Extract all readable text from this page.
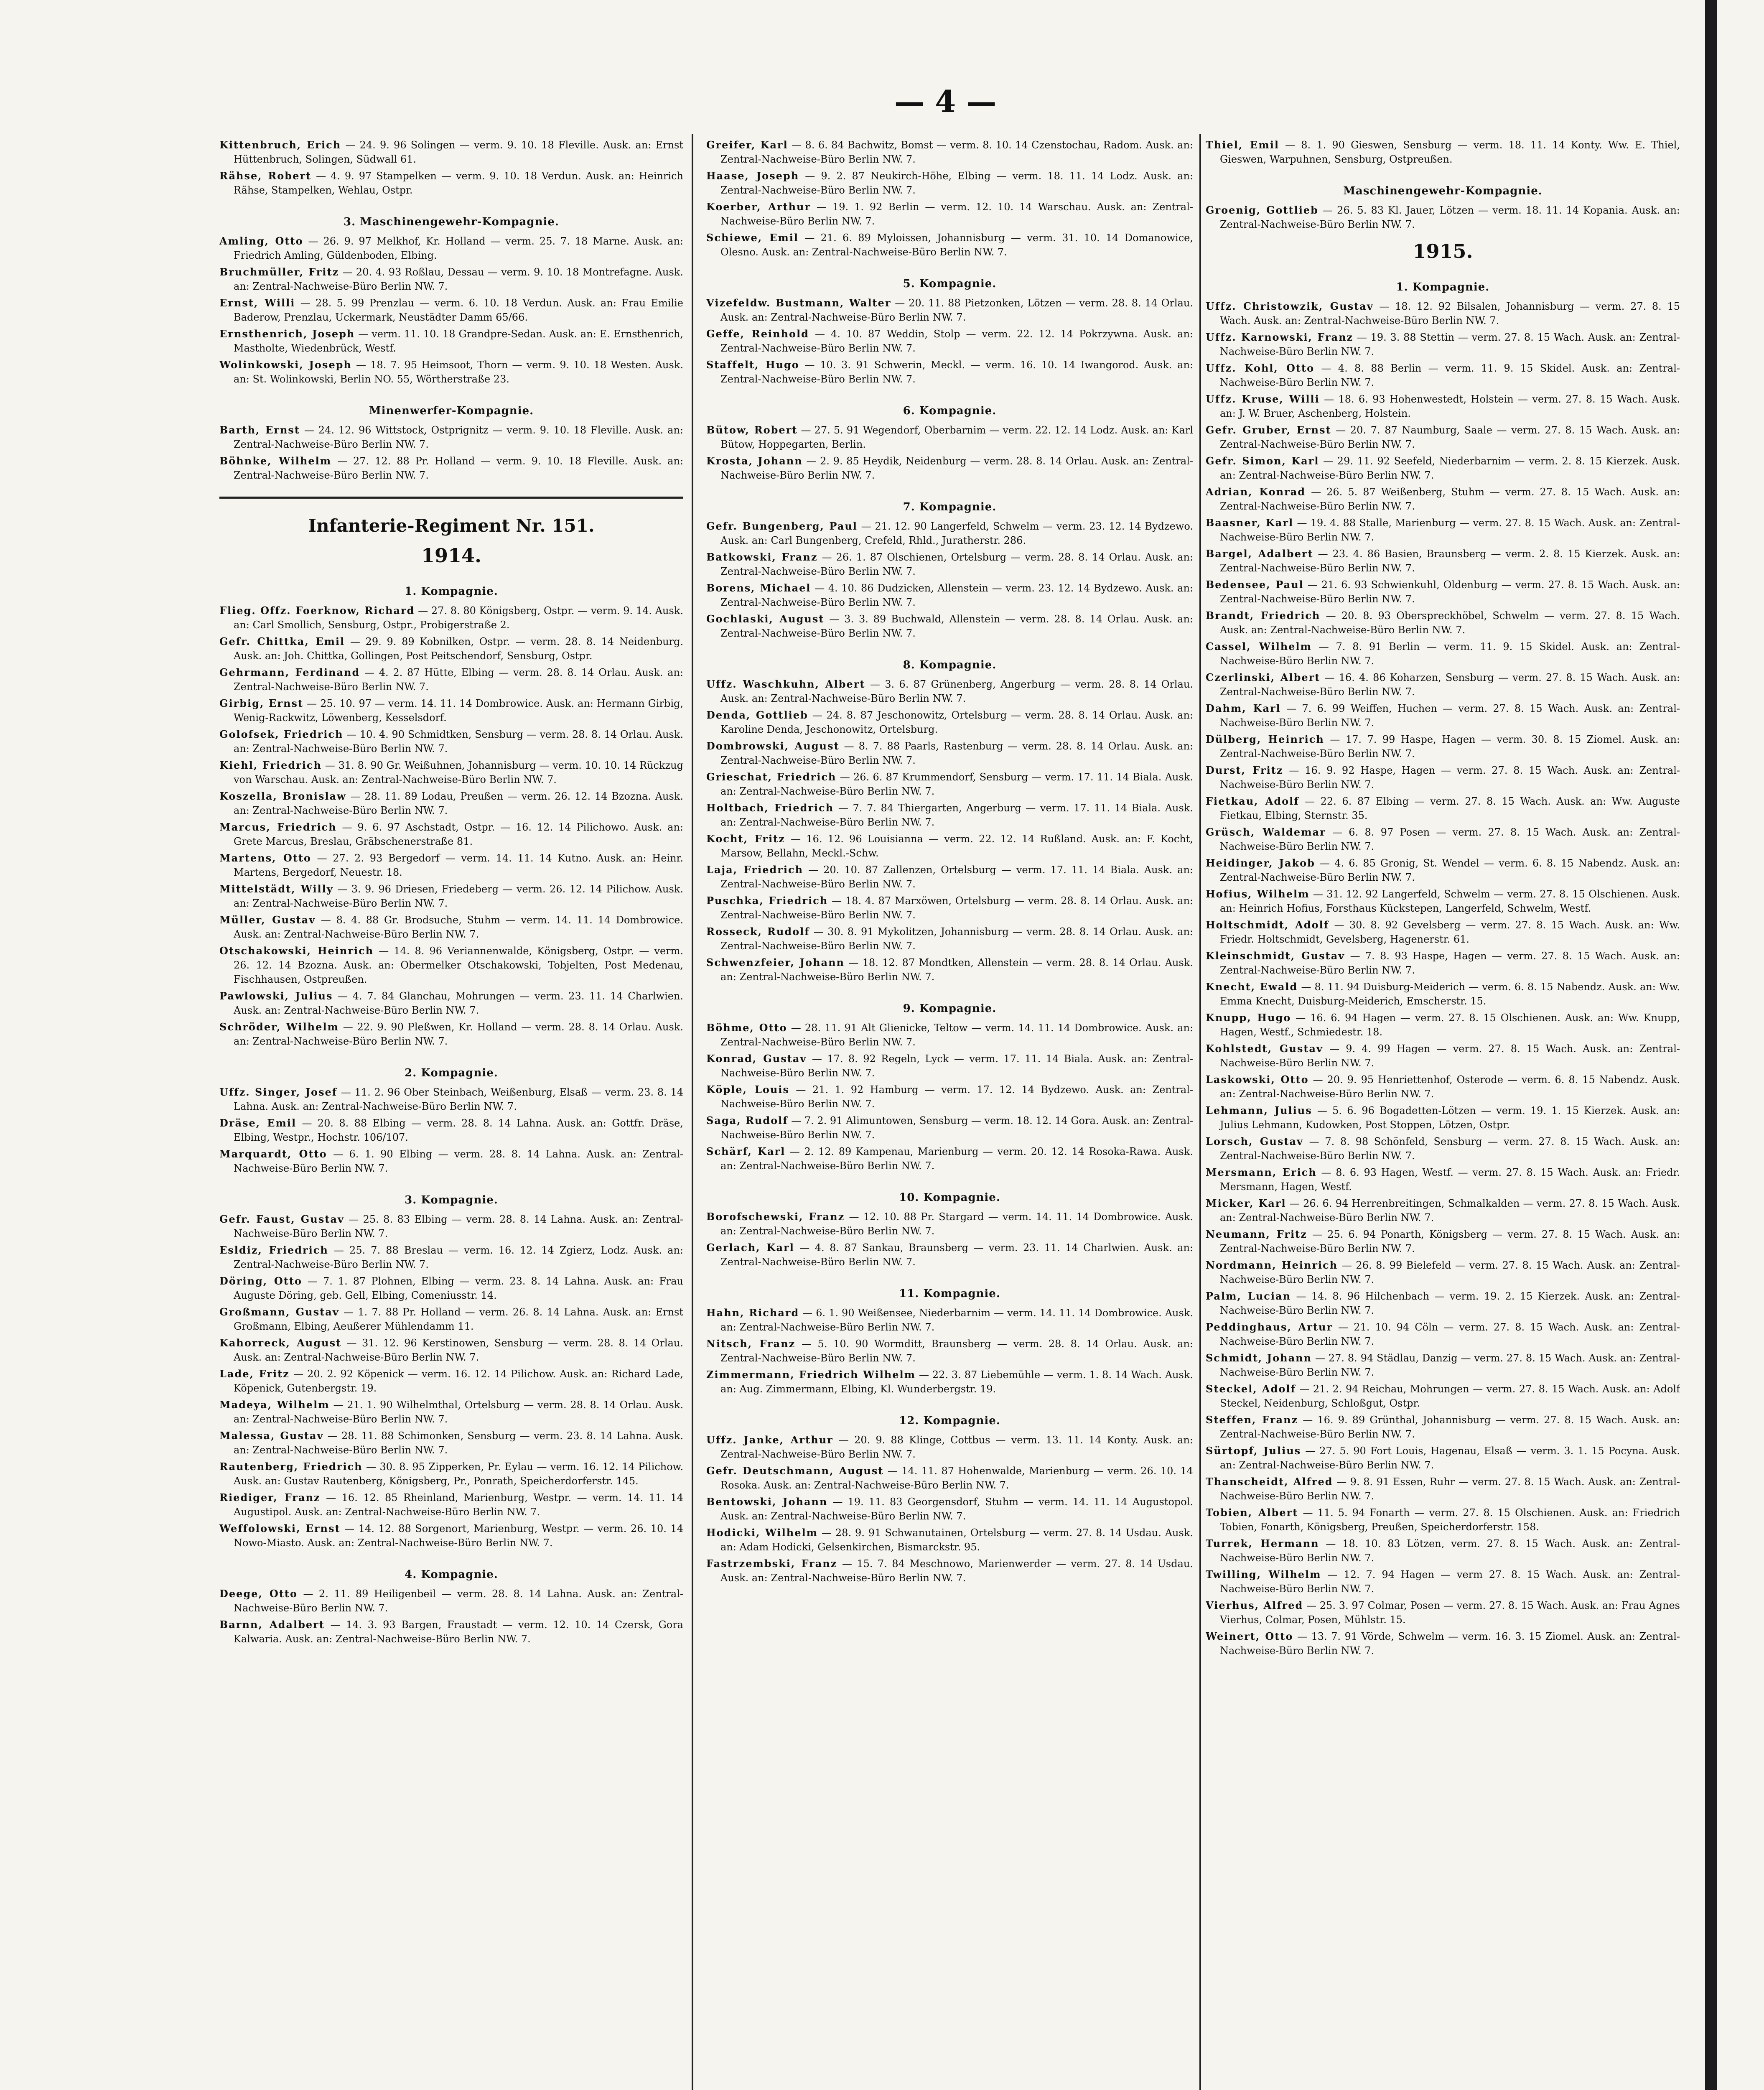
— 4 —

Kittenbruch, Erich — 24. 9. 96 Solingen — verm. 9. 10. 18 Fleville. Ausk. an: Ernst Hüttenbruch, Solingen, Südwall 61.

Rähse, Robert — 4. 9. 97 Stampelken — verm. 9. 10. 18 Verdun. Ausk. an: Heinrich Rähse, Stampelken, Wehlau, Ostpr.

3. Maschinengewehr-Kompagnie.

Amling, Otto — 26. 9. 97 Melkhof, Kr. Holland — verm. 25. 7. 18 Marne. Ausk. an: Friedrich Amling, Güldenboden, Elbing.

Bruchmüller, Fritz — 20. 4. 93 Roßlau, Dessau — verm. 9. 10. 18 Montrefagne. Ausk. an: Zentral-Nachweise-Büro Berlin NW. 7.

Ernst, Willi — 28. 5. 99 Prenzlau — verm. 6. 10. 18 Verdun. Ausk. an: Frau Emilie Baderow, Prenzlau, Uckermark, Neustädter Damm 65/66.

Ernsthenrich, Joseph — verm. 11. 10. 18 Grandpre-Sedan. Ausk. an: E. Ernsthenrich, Mastholte, Wiedenbrück, Westf.

Wolinkowski, Joseph — 18. 7. 95 Heimsoot, Thorn — verm. 9. 10. 18 Westen. Ausk. an: St. Wolinkowski, Berlin NO. 55, Wörtherstraße 23.

Minenwerfer-Kompagnie.

Barth, Ernst — 24. 12. 96 Wittstock, Ostprignitz — verm. 9. 10. 18 Fleville. Ausk. an: Zentral-Nachweise-Büro Berlin NW. 7.

Böhnke, Wilhelm — 27. 12. 88 Pr. Holland — verm. 9. 10. 18 Fleville. Ausk. an: Zentral-Nachweise-Büro Berlin NW. 7.

Infanterie-Regiment Nr. 151.
1914.
1. Kompagnie.

Flieg. Offz. Foerknow, Richard — 27. 8. 80 Königsberg, Ostpr. — verm. 9. 14. Ausk. an: Carl Smollich, Sensburg, Ostpr., Probigerstraße 2.

Gefr. Chittka, Emil — 29. 9. 89 Kobnilken, Ostpr. — verm. 28. 8. 14 Neidenburg. Ausk. an: Joh. Chittka, Gollingen, Post Peitschendorf, Sensburg, Ostpr.

Gehrmann, Ferdinand — 4. 2. 87 Hütte, Elbing — verm. 28. 8. 14 Orlau. Ausk. an: Zentral-Nachweise-Büro Berlin NW. 7.

Girbig, Ernst — 25. 10. 97 — verm. 14. 11. 14 Dombrowice. Ausk. an: Hermann Girbig, Wenig-Rackwitz, Löwenberg, Kesselsdorf.

Golofsek, Friedrich — 10. 4. 90 Schmidtken, Sensburg — verm. 28. 8. 14 Orlau. Ausk. an: Zentral-Nachweise-Büro Berlin NW. 7.

Kiehl, Friedrich — 31. 8. 90 Gr. Weißuhnen, Johannisburg — verm. 10. 10. 14 Rückzug von Warschau. Ausk. an: Zentral-Nachweise-Büro Berlin NW. 7.

Koszella, Bronislaw — 28. 11. 89 Lodau, Preußen — verm. 26. 12. 14 Bzozna. Ausk. an: Zentral-Nachweise-Büro Berlin NW. 7.

Marcus, Friedrich — 9. 6. 97 Aschstadt, Ostpr. — 16. 12. 14 Pilichowo. Ausk. an: Grete Marcus, Breslau, Gräbschenerstraße 81.

Martens, Otto — 27. 2. 93 Bergedorf — verm. 14. 11. 14 Kutno. Ausk. an: Heinr. Martens, Bergedorf, Neuestr. 18.

Mittelstädt, Willy — 3. 9. 96 Driesen, Friedeberg — verm. 26. 12. 14 Pilichow. Ausk. an: Zentral-Nachweise-Büro Berlin NW. 7.

Müller, Gustav — 8. 4. 88 Gr. Brodsuche, Stuhm — verm. 14. 11. 14 Dombrowice. Ausk. an: Zentral-Nachweise-Büro Berlin NW. 7.

Otschakowski, Heinrich — 14. 8. 96 Veriannenwalde, Königsberg, Ostpr. — verm. 26. 12. 14 Bzozna. Ausk. an: Obermelker Otschakowski, Tobjelten, Post Medenau, Fischhausen, Ostpreußen.

Pawlowski, Julius — 4. 7. 84 Glanchau, Mohrungen — verm. 23. 11. 14 Charlwien. Ausk. an: Zentral-Nachweise-Büro Berlin NW. 7.

Schröder, Wilhelm — 22. 9. 90 Pleßwen, Kr. Holland — verm. 28. 8. 14 Orlau. Ausk. an: Zentral-Nachweise-Büro Berlin NW. 7.

2. Kompagnie.

Uffz. Singer, Josef — 11. 2. 96 Ober Steinbach, Weißenburg, Elsaß — verm. 23. 8. 14 Lahna. Ausk. an: Zentral-Nachweise-Büro Berlin NW. 7.

Dräse, Emil — 20. 8. 88 Elbing — verm. 28. 8. 14 Lahna. Ausk. an: Gottfr. Dräse, Elbing, Westpr., Hochstr. 106/107.

Marquardt, Otto — 6. 1. 90 Elbing — verm. 28. 8. 14 Lahna. Ausk. an: Zentral-Nachweise-Büro Berlin NW. 7.

3. Kompagnie.

Gefr. Faust, Gustav — 25. 8. 83 Elbing — verm. 28. 8. 14 Lahna. Ausk. an: Zentral-Nachweise-Büro Berlin NW. 7.

Esldiz, Friedrich — 25. 7. 88 Breslau — verm. 16. 12. 14 Zgierz, Lodz. Ausk. an: Zentral-Nachweise-Büro Berlin NW. 7.

Döring, Otto — 7. 1. 87 Plohnen, Elbing — verm. 23. 8. 14 Lahna. Ausk. an: Frau Auguste Döring, geb. Gell, Elbing, Comeniusstr. 14.

Großmann, Gustav — 1. 7. 88 Pr. Holland — verm. 26. 8. 14 Lahna. Ausk. an: Ernst Großmann, Elbing, Aeußerer Mühlendamm 11.

Kahorreck, August — 31. 12. 96 Kerstinowen, Sensburg — verm. 28. 8. 14 Orlau. Ausk. an: Zentral-Nachweise-Büro Berlin NW. 7.

Lade, Fritz — 20. 2. 92 Köpenick — verm. 16. 12. 14 Pilichow. Ausk. an: Richard Lade, Köpenick, Gutenbergstr. 19.

Madeya, Wilhelm — 21. 1. 90 Wilhelmthal, Ortelsburg — verm. 28. 8. 14 Orlau. Ausk. an: Zentral-Nachweise-Büro Berlin NW. 7.

Malessa, Gustav — 28. 11. 88 Schimonken, Sensburg — verm. 23. 8. 14 Lahna. Ausk. an: Zentral-Nachweise-Büro Berlin NW. 7.

Rautenberg, Friedrich — 30. 8. 95 Zipperken, Pr. Eylau — verm. 16. 12. 14 Pilichow. Ausk. an: Gustav Rautenberg, Königsberg, Pr., Ponrath, Speicherdorferstr. 145.

Riediger, Franz — 16. 12. 85 Rheinland, Marienburg, Westpr. — verm. 14. 11. 14 Augustipol. Ausk. an: Zentral-Nachweise-Büro Berlin NW. 7.

Weffolowski, Ernst — 14. 12. 88 Sorgenort, Marienburg, Westpr. — verm. 26. 10. 14 Nowo-Miasto. Ausk. an: Zentral-Nachweise-Büro Berlin NW. 7.

4. Kompagnie.

Deege, Otto — 2. 11. 89 Heiligenbeil — verm. 28. 8. 14 Lahna. Ausk. an: Zentral-Nachweise-Büro Berlin NW. 7.

Barnn, Adalbert — 14. 3. 93 Bargen, Fraustadt — verm. 12. 10. 14 Czersk, Gora Kalwaria. Ausk. an: Zentral-Nachweise-Büro Berlin NW. 7.

Greifer, Karl — 8. 6. 84 Bachwitz, Bomst — verm. 8. 10. 14 Czenstochau, Radom. Ausk. an: Zentral-Nachweise-Büro Berlin NW. 7.

Haase, Joseph — 9. 2. 87 Neukirch-Höhe, Elbing — verm. 18. 11. 14 Lodz. Ausk. an: Zentral-Nachweise-Büro Berlin NW. 7.

Koerber, Arthur — 19. 1. 92 Berlin — verm. 12. 10. 14 Warschau. Ausk. an: Zentral-Nachweise-Büro Berlin NW. 7.

Schiewe, Emil — 21. 6. 89 Myloissen, Johannisburg — verm. 31. 10. 14 Domanowice, Olesno. Ausk. an: Zentral-Nachweise-Büro Berlin NW. 7.

5. Kompagnie.

Vizefeldw. Bustmann, Walter — 20. 11. 88 Pietzonken, Lötzen — verm. 28. 8. 14 Orlau. Ausk. an: Zentral-Nachweise-Büro Berlin NW. 7.

Geffe, Reinhold — 4. 10. 87 Weddin, Stolp — verm. 22. 12. 14 Pokrzywna. Ausk. an: Zentral-Nachweise-Büro Berlin NW. 7.

Staffelt, Hugo — 10. 3. 91 Schwerin, Meckl. — verm. 16. 10. 14 Iwangorod. Ausk. an: Zentral-Nachweise-Büro Berlin NW. 7.

6. Kompagnie.

Bütow, Robert — 27. 5. 91 Wegendorf, Oberbarnim — verm. 22. 12. 14 Lodz. Ausk. an: Karl Bütow, Hoppegarten, Berlin.

Krosta, Johann — 2. 9. 85 Heydik, Neidenburg — verm. 28. 8. 14 Orlau. Ausk. an: Zentral-Nachweise-Büro Berlin NW. 7.

7. Kompagnie.

Gefr. Bungenberg, Paul — 21. 12. 90 Langerfeld, Schwelm — verm. 23. 12. 14 Bydzewo. Ausk. an: Carl Bungenberg, Crefeld, Rhld., Juratherstr. 286.

Batkowski, Franz — 26. 1. 87 Olschienen, Ortelsburg — verm. 28. 8. 14 Orlau. Ausk. an: Zentral-Nachweise-Büro Berlin NW. 7.

Borens, Michael — 4. 10. 86 Dudzicken, Allenstein — verm. 23. 12. 14 Bydzewo. Ausk. an: Zentral-Nachweise-Büro Berlin NW. 7.

Gochlaski, August — 3. 3. 89 Buchwald, Allenstein — verm. 28. 8. 14 Orlau. Ausk. an: Zentral-Nachweise-Büro Berlin NW. 7.

8. Kompagnie.

Uffz. Waschkuhn, Albert — 3. 6. 87 Grünenberg, Angerburg — verm. 28. 8. 14 Orlau. Ausk. an: Zentral-Nachweise-Büro Berlin NW. 7.

Denda, Gottlieb — 24. 8. 87 Jeschonowitz, Ortelsburg — verm. 28. 8. 14 Orlau. Ausk. an: Karoline Denda, Jeschonowitz, Ortelsburg.

Dombrowski, August — 8. 7. 88 Paarls, Rastenburg — verm. 28. 8. 14 Orlau. Ausk. an: Zentral-Nachweise-Büro Berlin NW. 7.

Grieschat, Friedrich — 26. 6. 87 Krummendorf, Sensburg — verm. 17. 11. 14 Biala. Ausk. an: Zentral-Nachweise-Büro Berlin NW. 7.

Holtbach, Friedrich — 7. 7. 84 Thiergarten, Angerburg — verm. 17. 11. 14 Biala. Ausk. an: Zentral-Nachweise-Büro Berlin NW. 7.

Kocht, Fritz — 16. 12. 96 Louisianna — verm. 22. 12. 14 Rußland. Ausk. an: F. Kocht, Marsow, Bellahn, Meckl.-Schw.

Laja, Friedrich — 20. 10. 87 Zallenzen, Ortelsburg — verm. 17. 11. 14 Biala. Ausk. an: Zentral-Nachweise-Büro Berlin NW. 7.

Puschka, Friedrich — 18. 4. 87 Marxöwen, Ortelsburg — verm. 28. 8. 14 Orlau. Ausk. an: Zentral-Nachweise-Büro Berlin NW. 7.

Rosseck, Rudolf — 30. 8. 91 Mykolitzen, Johannisburg — verm. 28. 8. 14 Orlau. Ausk. an: Zentral-Nachweise-Büro Berlin NW. 7.

Schwenzfeier, Johann — 18. 12. 87 Mondtken, Allenstein — verm. 28. 8. 14 Orlau. Ausk. an: Zentral-Nachweise-Büro Berlin NW. 7.

9. Kompagnie.

Böhme, Otto — 28. 11. 91 Alt Glienicke, Teltow — verm. 14. 11. 14 Dombrowice. Ausk. an: Zentral-Nachweise-Büro Berlin NW. 7.

Konrad, Gustav — 17. 8. 92 Regeln, Lyck — verm. 17. 11. 14 Biala. Ausk. an: Zentral-Nachweise-Büro Berlin NW. 7.

Köple, Louis — 21. 1. 92 Hamburg — verm. 17. 12. 14 Bydzewo. Ausk. an: Zentral-Nachweise-Büro Berlin NW. 7.

Saga, Rudolf — 7. 2. 91 Alimuntowen, Sensburg — verm. 18. 12. 14 Gora. Ausk. an: Zentral-Nachweise-Büro Berlin NW. 7.

Schärf, Karl — 2. 12. 89 Kampenau, Marienburg — verm. 20. 12. 14 Rosoka-Rawa. Ausk. an: Zentral-Nachweise-Büro Berlin NW. 7.

10. Kompagnie.

Borofschewski, Franz — 12. 10. 88 Pr. Stargard — verm. 14. 11. 14 Dombrowice. Ausk. an: Zentral-Nachweise-Büro Berlin NW. 7.

Gerlach, Karl — 4. 8. 87 Sankau, Braunsberg — verm. 23. 11. 14 Charlwien. Ausk. an: Zentral-Nachweise-Büro Berlin NW. 7.

11. Kompagnie.

Hahn, Richard — 6. 1. 90 Weißensee, Niederbarnim — verm. 14. 11. 14 Dombrowice. Ausk. an: Zentral-Nachweise-Büro Berlin NW. 7.

Nitsch, Franz — 5. 10. 90 Wormditt, Braunsberg — verm. 28. 8. 14 Orlau. Ausk. an: Zentral-Nachweise-Büro Berlin NW. 7.

Zimmermann, Friedrich Wilhelm — 22. 3. 87 Liebemühle — verm. 1. 8. 14 Wach. Ausk. an: Aug. Zimmermann, Elbing, Kl. Wunderbergstr. 19.

12. Kompagnie.

Uffz. Janke, Arthur — 20. 9. 88 Klinge, Cottbus — verm. 13. 11. 14 Konty. Ausk. an: Zentral-Nachweise-Büro Berlin NW. 7.

Gefr. Deutschmann, August — 14. 11. 87 Hohenwalde, Marienburg — verm. 26. 10. 14 Rosoka. Ausk. an: Zentral-Nachweise-Büro Berlin NW. 7.

Bentowski, Johann — 19. 11. 83 Georgensdorf, Stuhm — verm. 14. 11. 14 Augustopol. Ausk. an: Zentral-Nachweise-Büro Berlin NW. 7.

Hodicki, Wilhelm — 28. 9. 91 Schwanutainen, Ortelsburg — verm. 27. 8. 14 Usdau. Ausk. an: Adam Hodicki, Gelsenkirchen, Bismarckstr. 95.

Fastrzembski, Franz — 15. 7. 84 Meschnowo, Marienwerder — verm. 27. 8. 14 Usdau. Ausk. an: Zentral-Nachweise-Büro Berlin NW. 7.

Thiel, Emil — 8. 1. 90 Gieswen, Sensburg — verm. 18. 11. 14 Konty. Ww. E. Thiel, Gieswen, Warpuhnen, Sensburg, Ostpreußen.

Maschinengewehr-Kompagnie.

Groenig, Gottlieb — 26. 5. 83 Kl. Jauer, Lötzen — verm. 18. 11. 14 Kopania. Ausk. an: Zentral-Nachweise-Büro Berlin NW. 7.

1915.
1. Kompagnie.

Uffz. Christowzik, Gustav — 18. 12. 92 Bilsalen, Johannisburg — verm. 27. 8. 15 Wach. Ausk. an: Zentral-Nachweise-Büro Berlin NW. 7.

Uffz. Karnowski, Franz — 19. 3. 88 Stettin — verm. 27. 8. 15 Wach. Ausk. an: Zentral-Nachweise-Büro Berlin NW. 7.

Uffz. Kohl, Otto — 4. 8. 88 Berlin — verm. 11. 9. 15 Skidel. Ausk. an: Zentral-Nachweise-Büro Berlin NW. 7.

Uffz. Kruse, Willi — 18. 6. 93 Hohenwestedt, Holstein — verm. 27. 8. 15 Wach. Ausk. an: J. W. Bruer, Aschenberg, Holstein.

Gefr. Gruber, Ernst — 20. 7. 87 Naumburg, Saale — verm. 27. 8. 15 Wach. Ausk. an: Zentral-Nachweise-Büro Berlin NW. 7.

Gefr. Simon, Karl — 29. 11. 92 Seefeld, Niederbarnim — verm. 2. 8. 15 Kierzek. Ausk. an: Zentral-Nachweise-Büro Berlin NW. 7.

Adrian, Konrad — 26. 5. 87 Weißenberg, Stuhm — verm. 27. 8. 15 Wach. Ausk. an: Zentral-Nachweise-Büro Berlin NW. 7.

Baasner, Karl — 19. 4. 88 Stalle, Marienburg — verm. 27. 8. 15 Wach. Ausk. an: Zentral-Nachweise-Büro Berlin NW. 7.

Bargel, Adalbert — 23. 4. 86 Basien, Braunsberg — verm. 2. 8. 15 Kierzek. Ausk. an: Zentral-Nachweise-Büro Berlin NW. 7.

Bedensee, Paul — 21. 6. 93 Schwienkuhl, Oldenburg — verm. 27. 8. 15 Wach. Ausk. an: Zentral-Nachweise-Büro Berlin NW. 7.

Brandt, Friedrich — 20. 8. 93 Oberspreckhöbel, Schwelm — verm. 27. 8. 15 Wach. Ausk. an: Zentral-Nachweise-Büro Berlin NW. 7.

Cassel, Wilhelm — 7. 8. 91 Berlin — verm. 11. 9. 15 Skidel. Ausk. an: Zentral-Nachweise-Büro Berlin NW. 7.

Czerlinski, Albert — 16. 4. 86 Koharzen, Sensburg — verm. 27. 8. 15 Wach. Ausk. an: Zentral-Nachweise-Büro Berlin NW. 7.

Dahm, Karl — 7. 6. 99 Weiffen, Huchen — verm. 27. 8. 15 Wach. Ausk. an: Zentral-Nachweise-Büro Berlin NW. 7.

Dülberg, Heinrich — 17. 7. 99 Haspe, Hagen — verm. 30. 8. 15 Ziomel. Ausk. an: Zentral-Nachweise-Büro Berlin NW. 7.

Durst, Fritz — 16. 9. 92 Haspe, Hagen — verm. 27. 8. 15 Wach. Ausk. an: Zentral-Nachweise-Büro Berlin NW. 7.

Fietkau, Adolf — 22. 6. 87 Elbing — verm. 27. 8. 15 Wach. Ausk. an: Ww. Auguste Fietkau, Elbing, Sternstr. 35.

Grüsch, Waldemar — 6. 8. 97 Posen — verm. 27. 8. 15 Wach. Ausk. an: Zentral-Nachweise-Büro Berlin NW. 7.

Heidinger, Jakob — 4. 6. 85 Gronig, St. Wendel — verm. 6. 8. 15 Nabendz. Ausk. an: Zentral-Nachweise-Büro Berlin NW. 7.

Hofius, Wilhelm — 31. 12. 92 Langerfeld, Schwelm — verm. 27. 8. 15 Olschienen. Ausk. an: Heinrich Hofius, Forsthaus Kückstepen, Langerfeld, Schwelm, Westf.

Holtschmidt, Adolf — 30. 8. 92 Gevelsberg — verm. 27. 8. 15 Wach. Ausk. an: Ww. Friedr. Holtschmidt, Gevelsberg, Hagenerstr. 61.

Kleinschmidt, Gustav — 7. 8. 93 Haspe, Hagen — verm. 27. 8. 15 Wach. Ausk. an: Zentral-Nachweise-Büro Berlin NW. 7.

Knecht, Ewald — 8. 11. 94 Duisburg-Meiderich — verm. 6. 8. 15 Nabendz. Ausk. an: Ww. Emma Knecht, Duisburg-Meiderich, Emscherstr. 15.

Knupp, Hugo — 16. 6. 94 Hagen — verm. 27. 8. 15 Olschienen. Ausk. an: Ww. Knupp, Hagen, Westf., Schmiedestr. 18.

Kohlstedt, Gustav — 9. 4. 99 Hagen — verm. 27. 8. 15 Wach. Ausk. an: Zentral-Nachweise-Büro Berlin NW. 7.

Laskowski, Otto — 20. 9. 95 Henriettenhof, Osterode — verm. 6. 8. 15 Nabendz. Ausk. an: Zentral-Nachweise-Büro Berlin NW. 7.

Lehmann, Julius — 5. 6. 96 Bogadetten-Lötzen — verm. 19. 1. 15 Kierzek. Ausk. an: Julius Lehmann, Kudowken, Post Stoppen, Lötzen, Ostpr.

Lorsch, Gustav — 7. 8. 98 Schönfeld, Sensburg — verm. 27. 8. 15 Wach. Ausk. an: Zentral-Nachweise-Büro Berlin NW. 7.

Mersmann, Erich — 8. 6. 93 Hagen, Westf. — verm. 27. 8. 15 Wach. Ausk. an: Friedr. Mersmann, Hagen, Westf.

Micker, Karl — 26. 6. 94 Herrenbreitingen, Schmalkalden — verm. 27. 8. 15 Wach. Ausk. an: Zentral-Nachweise-Büro Berlin NW. 7.

Neumann, Fritz — 25. 6. 94 Ponarth, Königsberg — verm. 27. 8. 15 Wach. Ausk. an: Zentral-Nachweise-Büro Berlin NW. 7.

Nordmann, Heinrich — 26. 8. 99 Bielefeld — verm. 27. 8. 15 Wach. Ausk. an: Zentral-Nachweise-Büro Berlin NW. 7.

Palm, Lucian — 14. 8. 96 Hilchenbach — verm. 19. 2. 15 Kierzek. Ausk. an: Zentral-Nachweise-Büro Berlin NW. 7.

Peddinghaus, Artur — 21. 10. 94 Cöln — verm. 27. 8. 15 Wach. Ausk. an: Zentral-Nachweise-Büro Berlin NW. 7.

Schmidt, Johann — 27. 8. 94 Städlau, Danzig — verm. 27. 8. 15 Wach. Ausk. an: Zentral-Nachweise-Büro Berlin NW. 7.

Steckel, Adolf — 21. 2. 94 Reichau, Mohrungen — verm. 27. 8. 15 Wach. Ausk. an: Adolf Steckel, Neidenburg, Schloßgut, Ostpr.

Steffen, Franz — 16. 9. 89 Grünthal, Johannisburg — verm. 27. 8. 15 Wach. Ausk. an: Zentral-Nachweise-Büro Berlin NW. 7.

Sürtopf, Julius — 27. 5. 90 Fort Louis, Hagenau, Elsaß — verm. 3. 1. 15 Pocyna. Ausk. an: Zentral-Nachweise-Büro Berlin NW. 7.

Thanscheidt, Alfred — 9. 8. 91 Essen, Ruhr — verm. 27. 8. 15 Wach. Ausk. an: Zentral-Nachweise-Büro Berlin NW. 7.

Tobien, Albert — 11. 5. 94 Fonarth — verm. 27. 8. 15 Olschienen. Ausk. an: Friedrich Tobien, Fonarth, Königsberg, Preußen, Speicherdorferstr. 158.

Turrek, Hermann — 18. 10. 83 Lötzen, verm. 27. 8. 15 Wach. Ausk. an: Zentral-Nachweise-Büro Berlin NW. 7.

Twilling, Wilhelm — 12. 7. 94 Hagen — verm 27. 8. 15 Wach. Ausk. an: Zentral-Nachweise-Büro Berlin NW. 7.

Vierhus, Alfred — 25. 3. 97 Colmar, Posen — verm. 27. 8. 15 Wach. Ausk. an: Frau Agnes Vierhus, Colmar, Posen, Mühlstr. 15.

Weinert, Otto — 13. 7. 91 Vörde, Schwelm — verm. 16. 3. 15 Ziomel. Ausk. an: Zentral-Nachweise-Büro Berlin NW. 7.
